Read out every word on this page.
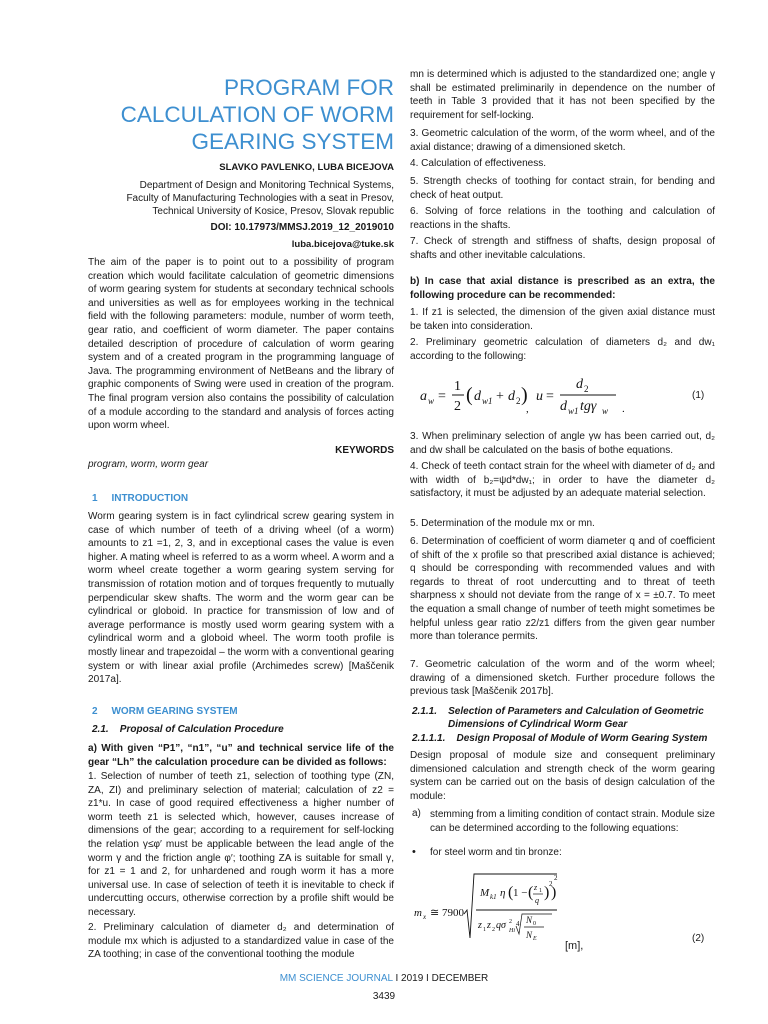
PROGRAM FOR
CALCULATION OF WORM
GEARING SYSTEM
SLAVKO PAVLENKO, LUBA BICEJOVA
Department of Design and Monitoring Technical Systems,
Faculty of Manufacturing Technologies with a seat in Presov,
Technical University of Kosice, Presov, Slovak republic
DOI: 10.17973/MMSJ.2019_12_2019010
luba.bicejova@tuke.sk

The aim of the paper is to point out to a possibility of program creation which would facilitate calculation of geometric dimensions of worm gearing system for students at secondary technical schools and universities as well as for employees working in the technical field with the following parameters: module, number of worm teeth, gear ratio, and coefficient of worm diameter. The paper contains detailed description of procedure of calculation of worm gearing system and of a created program in the programming language of Java. The programming environment of NetBeans and the library of graphic components of Swing were used in creation of the program. The final program version also contains the possibility of calculation of a module according to the standard and analysis of forces acting upon worm wheel.

KEYWORDS
program, worm, worm gear
1     INTRODUCTION

Worm gearing system is in fact cylindrical screw gearing system in case of which number of teeth of a driving wheel (of a worm) amounts to z1 =1, 2, 3, and in exceptional cases the value is even higher. A mating wheel is referred to as a worm wheel. A worm and a worm wheel create together a worm gearing system serving for transmission of rotation motion and of torques frequently to mutually perpendicular skew shafts. The worm and the worm gear can be cylindrical or globoid. In practice for transmission of low and of average performance is mostly used worm gearing system with a cylindrical worm and a globoid wheel. The worm tooth profile is mostly linear and trapezoidal – the worm with a conventional gearing system or with linear axial profile (Archimedes screw) [Maščenik 2017a].

2     WORM GEARING SYSTEM
2.1.    Proposal of Calculation Procedure

a) With given “P1”, “n1”, “u” and technical service life of the gear “Lh” the calculation procedure can be divided as follows:

1. Selection of number of teeth z1, selection of toothing type (ZN, ZA, ZI) and preliminary selection of material; calculation of z2 = z1*u. In case of good required effectiveness a higher number of worm teeth z1 is selected which, however, causes increase of dimensions of the gear; according to a requirement for self-locking the relation γ≤φ′ must be applicable between the lead angle of the worm γ and the friction angle φ′; toothing ZA is suitable for small γ, for z1 = 1 and 2, for unhardened and rough worm it has a more universal use. In case of selection of teeth it is inevitable to check if undercutting occurs, otherwise correction by a profile shift would be necessary.

2. Preliminary calculation of diameter d₂ and determination of module mx which is adjusted to a standardized value in case of the ZA toothing; in case of the conventional toothing the module

mn is determined which is adjusted to the standardized one; angle γ shall be estimated preliminarily in dependence on the number of teeth in Table 3 provided that it has not been specified by the requirement for self-locking.

3. Geometric calculation of the worm, of the worm wheel, and of the axial distance; drawing of a dimensioned sketch.

4. Calculation of effectiveness.

5. Strength checks of toothing for contact strain, for bending and check of heat output.

6. Solving of force relations in the toothing and calculation of reactions in the shafts.

7. Check of strength and stiffness of shafts, design proposal of shafts and other inevitable calculations.

b) In case that axial distance is prescribed as an extra, the following procedure can be recommended:

1. If z1 is selected, the dimension of the given axial distance must be taken into consideration.

2. Preliminary geometric calculation of diameters d₂ and dw₁ according to the following:

a w =
1
2
( d w1 + d 2 )
,
u =
d 2
d w1 tgγ w .
(1)

3. When preliminary selection of angle γw has been carried out, d₂ and dw shall be calculated on the basis of bothe equations.

4. Check of teeth contact strain for the wheel with diameter of d₂ and with width of b₂=ψd*dw₁; in order to have the diameter d₂ satisfactory, it must be adjusted by an adequate material selection.

5. Determination of the module mx or mn.

6. Determination of coefficient of worm diameter q and of coefficient of shift of the x profile so that prescribed axial distance is achieved; q should be corresponding with recommended values and with regards to threat of root undercutting and to threat of teeth sharpness x should not deviate from the range of x = ±0.7. To meet the equation a small change of number of teeth might sometimes be helpful unless gear ratio z2/z1 differs from the given gear number more than tolerance permits.

7. Geometric calculation of the worm and of the worm wheel; drawing of a dimensioned sketch. Further procedure follows the previous task [Maščenik 2017b].

2.1.1.    Selection of Parameters and Calculation of Geometric
Dimensions of Cylindrical Worm Gear
2.1.1.1.    Design Proposal of Module of Worm Gearing System

Design proposal of module size and consequent preliminary dimensioned calculation and strength check of the worm gearing system can be carried out on the basis of design calculation of the module:

a) stemming from a limiting condition of contact strain. Module size can be determined according to the following equations:

• for steel worm and tin bronze:
m x ≅ 7900
M k1 η ( 1 − ( z 1
q ) 2
)
2
z 1 z 2 qσ 2
Hi
4 N 0
N E
[m],
(2)
MM SCIENCE JOURNAL I 2019 I DECEMBER
3439
